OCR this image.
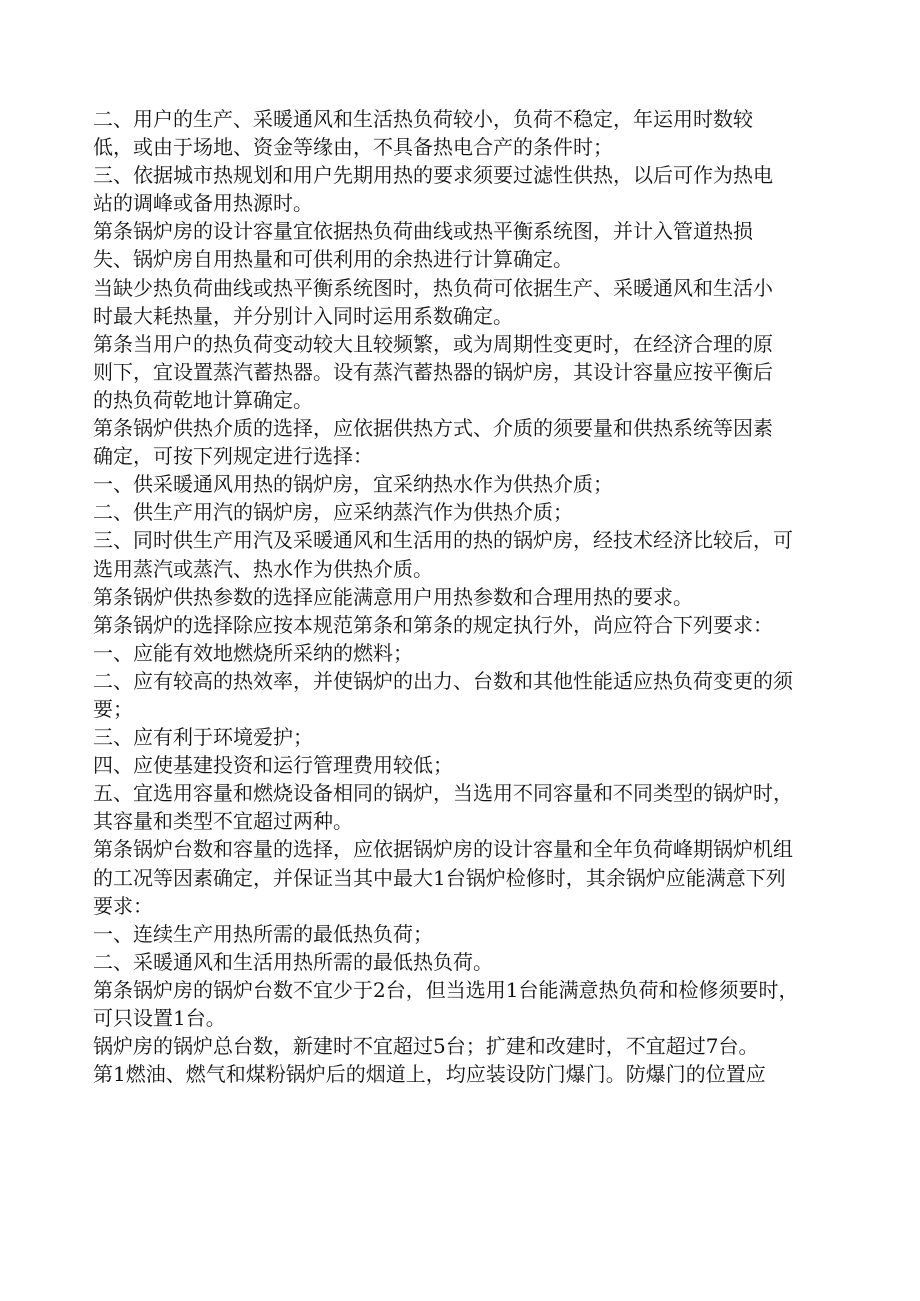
二、用户的生产、采暖通风和生活热负荷较小，负荷不稳定，年运用时数较
低，或由于场地、资金等缘由，不具备热电合产的条件时；
三、依据城市热规划和用户先期用热的要求须要过滤性供热，以后可作为热电
站的调峰或备用热源时。
第条锅炉房的设计容量宜依据热负荷曲线或热平衡系统图，并计入管道热损
失、锅炉房自用热量和可供利用的余热进行计算确定。
当缺少热负荷曲线或热平衡系统图时，热负荷可依据生产、采暖通风和生活小
时最大耗热量，并分别计入同时运用系数确定。
第条当用户的热负荷变动较大且较频繁，或为周期性变更时，在经济合理的原
则下，宜设置蒸汽蓄热器。设有蒸汽蓄热器的锅炉房，其设计容量应按平衡后
的热负荷乾地计算确定。
第条锅炉供热介质的选择，应依据供热方式、介质的须要量和供热系统等因素
确定，可按下列规定进行选择：
一、供采暖通风用热的锅炉房，宜采纳热水作为供热介质；
二、供生产用汽的锅炉房，应采纳蒸汽作为供热介质；
三、同时供生产用汽及采暖通风和生活用的热的锅炉房，经技术经济比较后，可
选用蒸汽或蒸汽、热水作为供热介质。
第条锅炉供热参数的选择应能满意用户用热参数和合理用热的要求。
第条锅炉的选择除应按本规范第条和第条的规定执行外，尚应符合下列要求：
一、应能有效地燃烧所采纳的燃料；
二、应有较高的热效率，并使锅炉的出力、台数和其他性能适应热负荷变更的须
要；
三、应有利于环境爱护；
四、应使基建投资和运行管理费用较低；
五、宜选用容量和燃烧设备相同的锅炉，当选用不同容量和不同类型的锅炉时，
其容量和类型不宜超过两种。
第条锅炉台数和容量的选择，应依据锅炉房的设计容量和全年负荷峰期锅炉机组
的工况等因素确定，并保证当其中最大1台锅炉检修时，其余锅炉应能满意下列
要求：
一、连续生产用热所需的最低热负荷；
二、采暖通风和生活用热所需的最低热负荷。
第条锅炉房的锅炉台数不宜少于2台，但当选用1台能满意热负荷和检修须要时，
可只设置1台。
锅炉房的锅炉总台数，新建时不宜超过5台；扩建和改建时，不宜超过7台。
第1燃油、燃气和煤粉锅炉后的烟道上，均应装设防门爆门。防爆门的位置应
